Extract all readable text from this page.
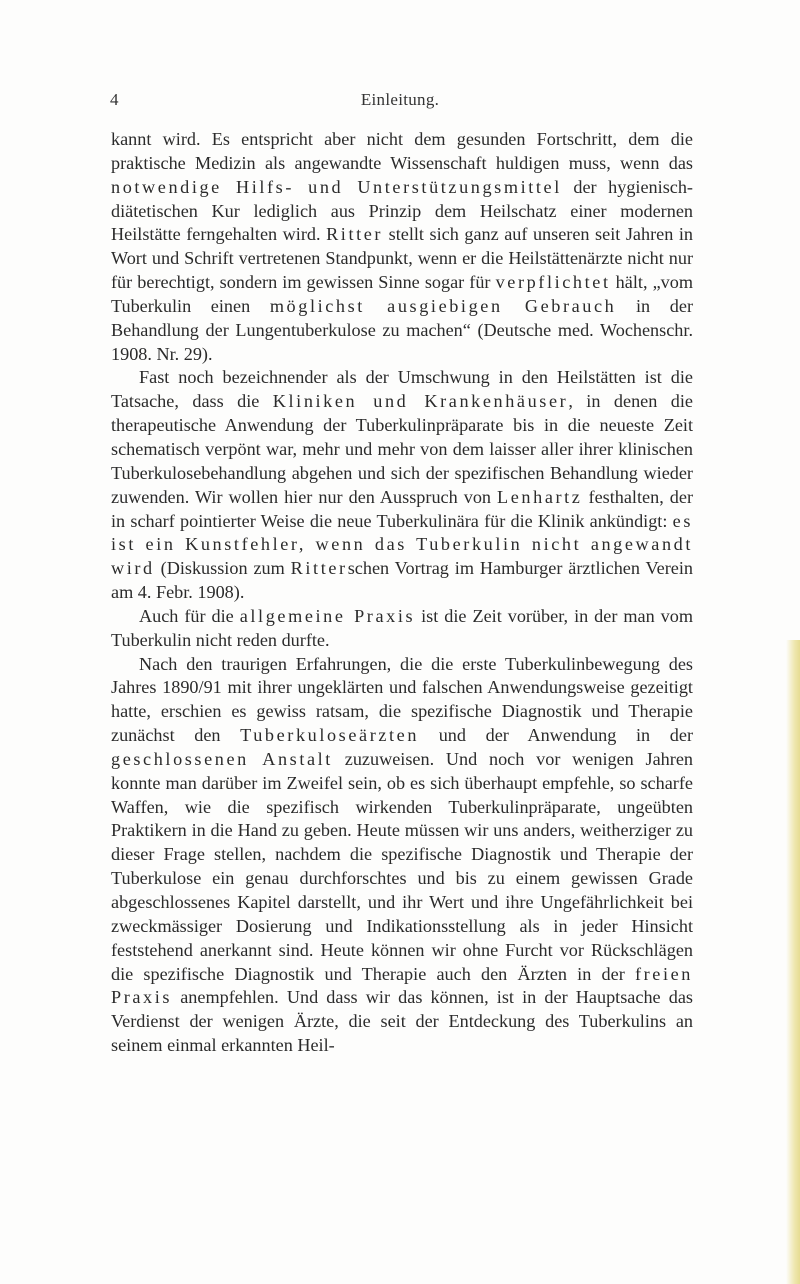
4	Einleitung.

kannt wird. Es entspricht aber nicht dem gesunden Fortschritt, dem die praktische Medizin als angewandte Wissenschaft huldigen muss, wenn das notwendige Hilfs- und Unterstützungsmittel der hygienisch-diätetischen Kur lediglich aus Prinzip dem Heilschatz einer modernen Heilstätte ferngehalten wird. Ritter stellt sich ganz auf unseren seit Jahren in Wort und Schrift vertretenen Standpunkt, wenn er die Heilstättenärzte nicht nur für berechtigt, sondern im gewissen Sinne sogar für verpflichtet hält, „vom Tuberkulin einen möglichst ausgiebigen Gebrauch in der Behandlung der Lungentuberkulose zu machen“ (Deutsche med. Wochenschr. 1908. Nr. 29).

Fast noch bezeichnender als der Umschwung in den Heilstätten ist die Tatsache, dass die Kliniken und Krankenhäuser, in denen die therapeutische Anwendung der Tuberkulinpräparate bis in die neueste Zeit schematisch verpönt war, mehr und mehr von dem laisser aller ihrer klinischen Tuberkulosebehandlung abgehen und sich der spezifischen Behandlung wieder zuwenden. Wir wollen hier nur den Ausspruch von Lenhartz festhalten, der in scharf pointierter Weise die neue Tuberkulinära für die Klinik ankündigt: es ist ein Kunstfehler, wenn das Tuberkulin nicht angewandt wird (Diskussion zum Ritterschen Vortrag im Hamburger ärztlichen Verein am 4. Febr. 1908).

Auch für die allgemeine Praxis ist die Zeit vorüber, in der man vom Tuberkulin nicht reden durfte.

Nach den traurigen Erfahrungen, die die erste Tuberkulinbewegung des Jahres 1890/91 mit ihrer ungeklärten und falschen Anwendungsweise gezeitigt hatte, erschien es gewiss ratsam, die spezifische Diagnostik und Therapie zunächst den Tuberkuloseärzten und der Anwendung in der geschlossenen Anstalt zuzuweisen. Und noch vor wenigen Jahren konnte man darüber im Zweifel sein, ob es sich überhaupt empfehle, so scharfe Waffen, wie die spezifisch wirkenden Tuberkulinpräparate, ungeübten Praktikern in die Hand zu geben. Heute müssen wir uns anders, weitherziger zu dieser Frage stellen, nachdem die spezifische Diagnostik und Therapie der Tuberkulose ein genau durchforschtes und bis zu einem gewissen Grade abgeschlossenes Kapitel darstellt, und ihr Wert und ihre Ungefährlichkeit bei zweckmässiger Dosierung und Indikationsstellung als in jeder Hinsicht feststehend anerkannt sind. Heute können wir ohne Furcht vor Rückschlägen die spezifische Diagnostik und Therapie auch den Ärzten in der freien Praxis anempfehlen. Und dass wir das können, ist in der Hauptsache das Verdienst der wenigen Ärzte, die seit der Entdeckung des Tuberkulins an seinem einmal erkannten Heil-
